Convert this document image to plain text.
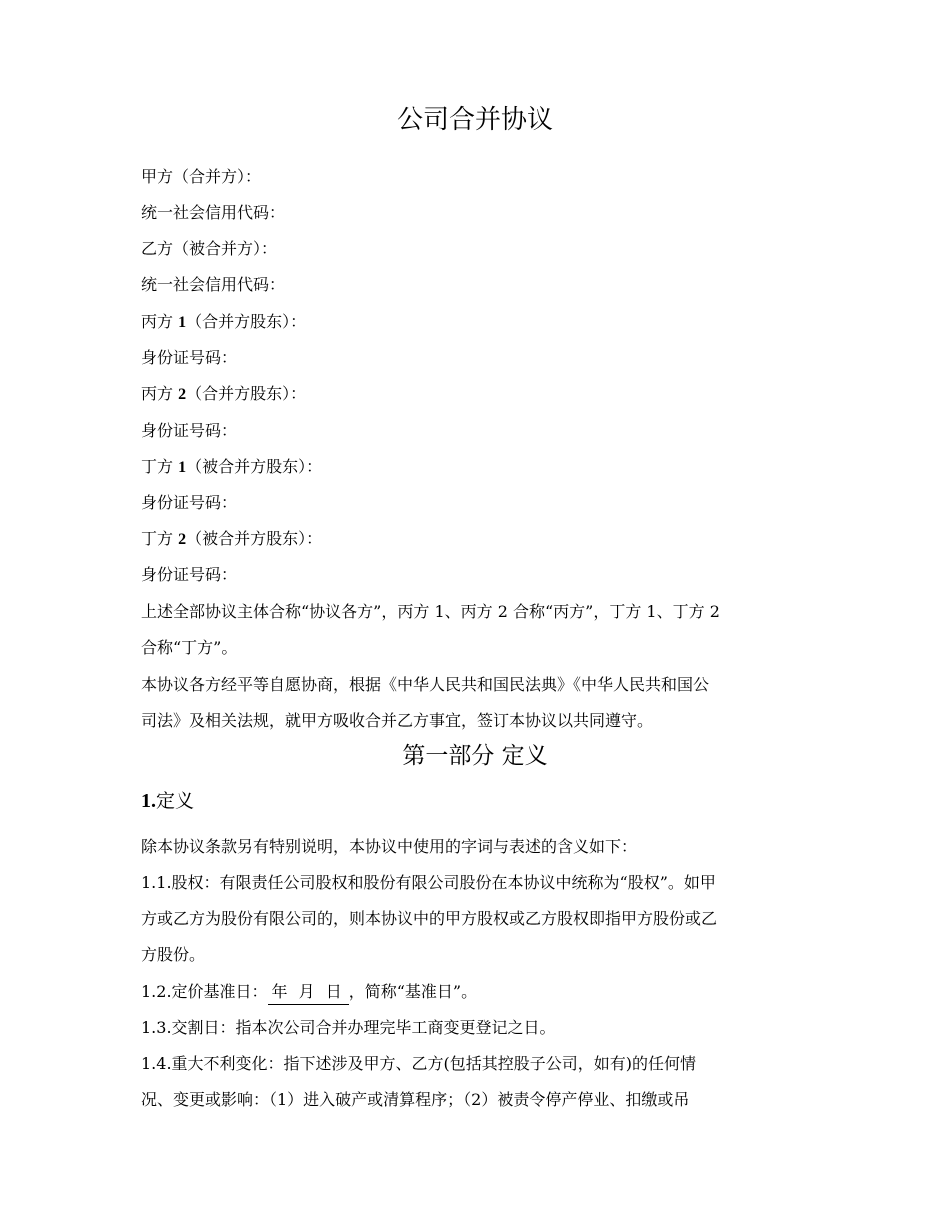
公司合并协议
甲方（合并方）：
统一社会信用代码：
乙方（被合并方）：
统一社会信用代码：
丙方 1（合并方股东）：
身份证号码：
丙方 2（合并方股东）：
身份证号码：
丁方 1（被合并方股东）：
身份证号码：
丁方 2（被合并方股东）：
身份证号码：
上述全部协议主体合称“协议各方”，丙方 1、丙方 2 合称“丙方”，丁方 1、丁方 2
合称“丁方”。
本协议各方经平等自愿协商，根据《中华人民共和国民法典》《中华人民共和国公
司法》及相关法规，就甲方吸收合并乙方事宜，签订本协议以共同遵守。
第一部分 定义
1.定义
除本协议条款另有特别说明，本协议中使用的字词与表述的含义如下：
1.1.股权：有限责任公司股权和股份有限公司股份在本协议中统称为“股权”。如甲
方或乙方为股份有限公司的，则本协议中的甲方股权或乙方股权即指甲方股份或乙
方股份。
1.2.定价基准日： 年 月 日 ，简称“基准日”。
1.3.交割日：指本次公司合并办理完毕工商变更登记之日。
1.4.重大不利变化：指下述涉及甲方、乙方(包括其控股子公司，如有)的任何情
况、变更或影响：（1）进入破产或清算程序；（2）被责令停产停业、扣缴或吊
